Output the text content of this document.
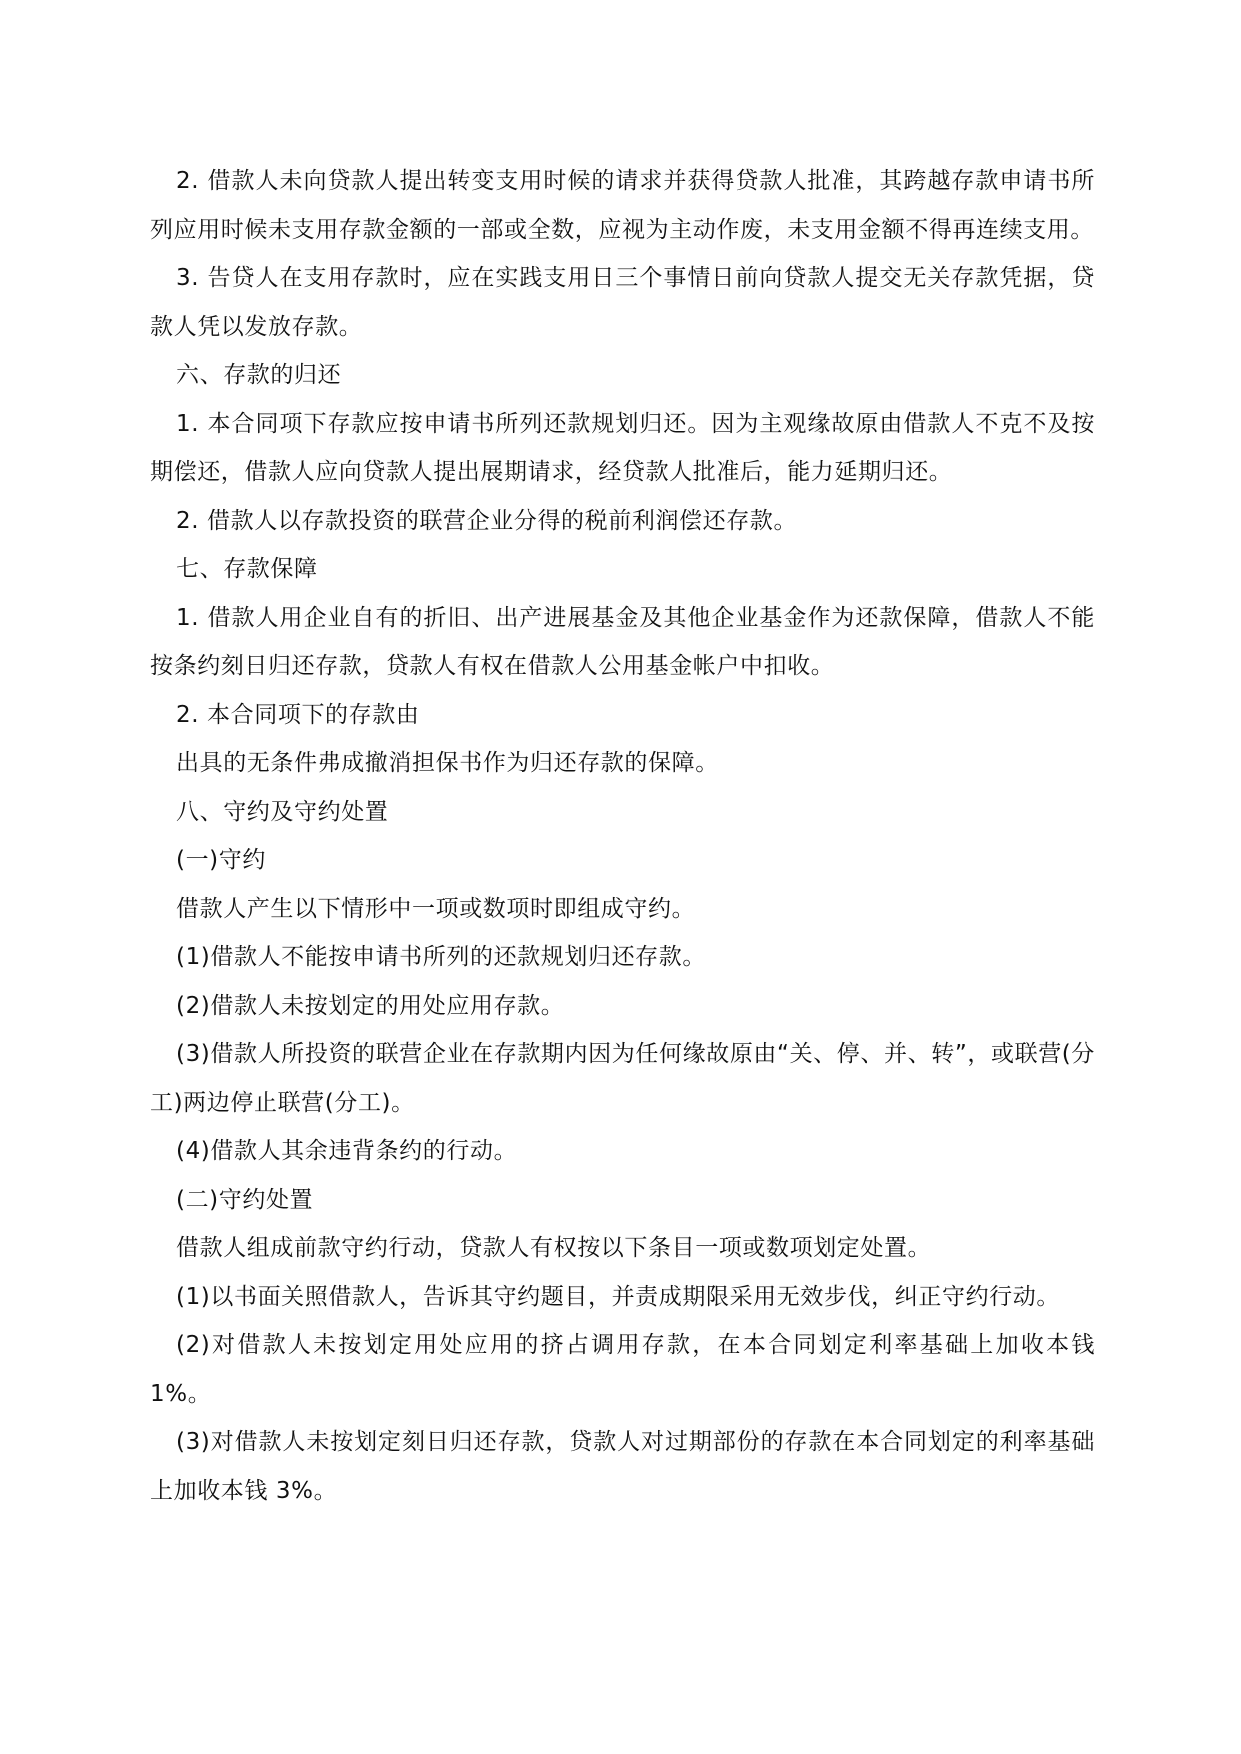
2. 借款人未向贷款人提出转变支用时候的请求并获得贷款人批准，其跨越存款申请书所列应用时候未支用存款金额的一部或全数，应视为主动作废，未支用金额不得再连续支用。

3. 告贷人在支用存款时，应在实践支用日三个事情日前向贷款人提交无关存款凭据，贷款人凭以发放存款。

六、存款的归还

1. 本合同项下存款应按申请书所列还款规划归还。因为主观缘故原由借款人不克不及按期偿还，借款人应向贷款人提出展期请求，经贷款人批准后，能力延期归还。

2. 借款人以存款投资的联营企业分得的税前利润偿还存款。

七、存款保障

1. 借款人用企业自有的折旧、出产进展基金及其他企业基金作为还款保障，借款人不能按条约刻日归还存款，贷款人有权在借款人公用基金帐户中扣收。

2. 本合同项下的存款由

出具的无条件弗成撤消担保书作为归还存款的保障。

八、守约及守约处置

(一)守约

借款人产生以下情形中一项或数项时即组成守约。

(1)借款人不能按申请书所列的还款规划归还存款。

(2)借款人未按划定的用处应用存款。

(3)借款人所投资的联营企业在存款期内因为任何缘故原由“关、停、并、转”，或联营(分工)两边停止联营(分工)。

(4)借款人其余违背条约的行动。

(二)守约处置

借款人组成前款守约行动，贷款人有权按以下条目一项或数项划定处置。

(1)以书面关照借款人，告诉其守约题目，并责成期限采用无效步伐，纠正守约行动。

(2)对借款人未按划定用处应用的挤占调用存款，在本合同划定利率基础上加收本钱1%。

(3)对借款人未按划定刻日归还存款，贷款人对过期部份的存款在本合同划定的利率基础上加收本钱 3%。
